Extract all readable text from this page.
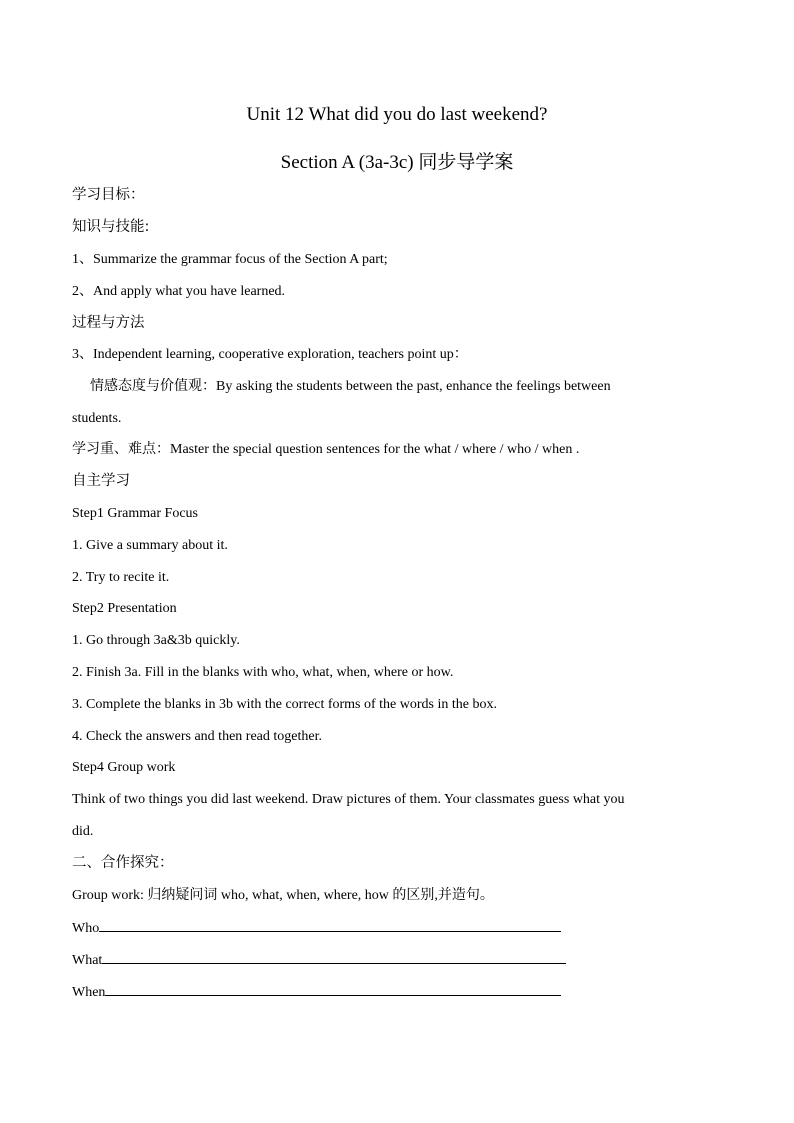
Unit 12 What did you do last weekend?
Section A (3a-3c) 同步导学案
学习目标：
知识与技能:
1、Summarize the grammar focus of the Section A part;
2、And apply what you have learned.
过程与方法
3、Independent learning, cooperative exploration, teachers point up：
情感态度与价值观：By asking the students between the past, enhance the feelings between
students.
学习重、难点：Master the special question sentences for the what / where / who / when .
自主学习
Step1 Grammar Focus
1. Give a summary about it.
2. Try to recite it.
Step2 Presentation
1. Go through 3a&3b quickly.
2. Finish 3a. Fill in the blanks with who, what, when, where or how.
3. Complete the blanks in 3b with the correct forms of the words in the box.
4. Check the answers and then read together.
Step4 Group work
Think of two things you did last weekend. Draw pictures of them. Your classmates guess what you
did.
二、合作探究：
Group work: 归纳疑问词 who, what, when, where, how 的区别,并造句。
Who
What
When
